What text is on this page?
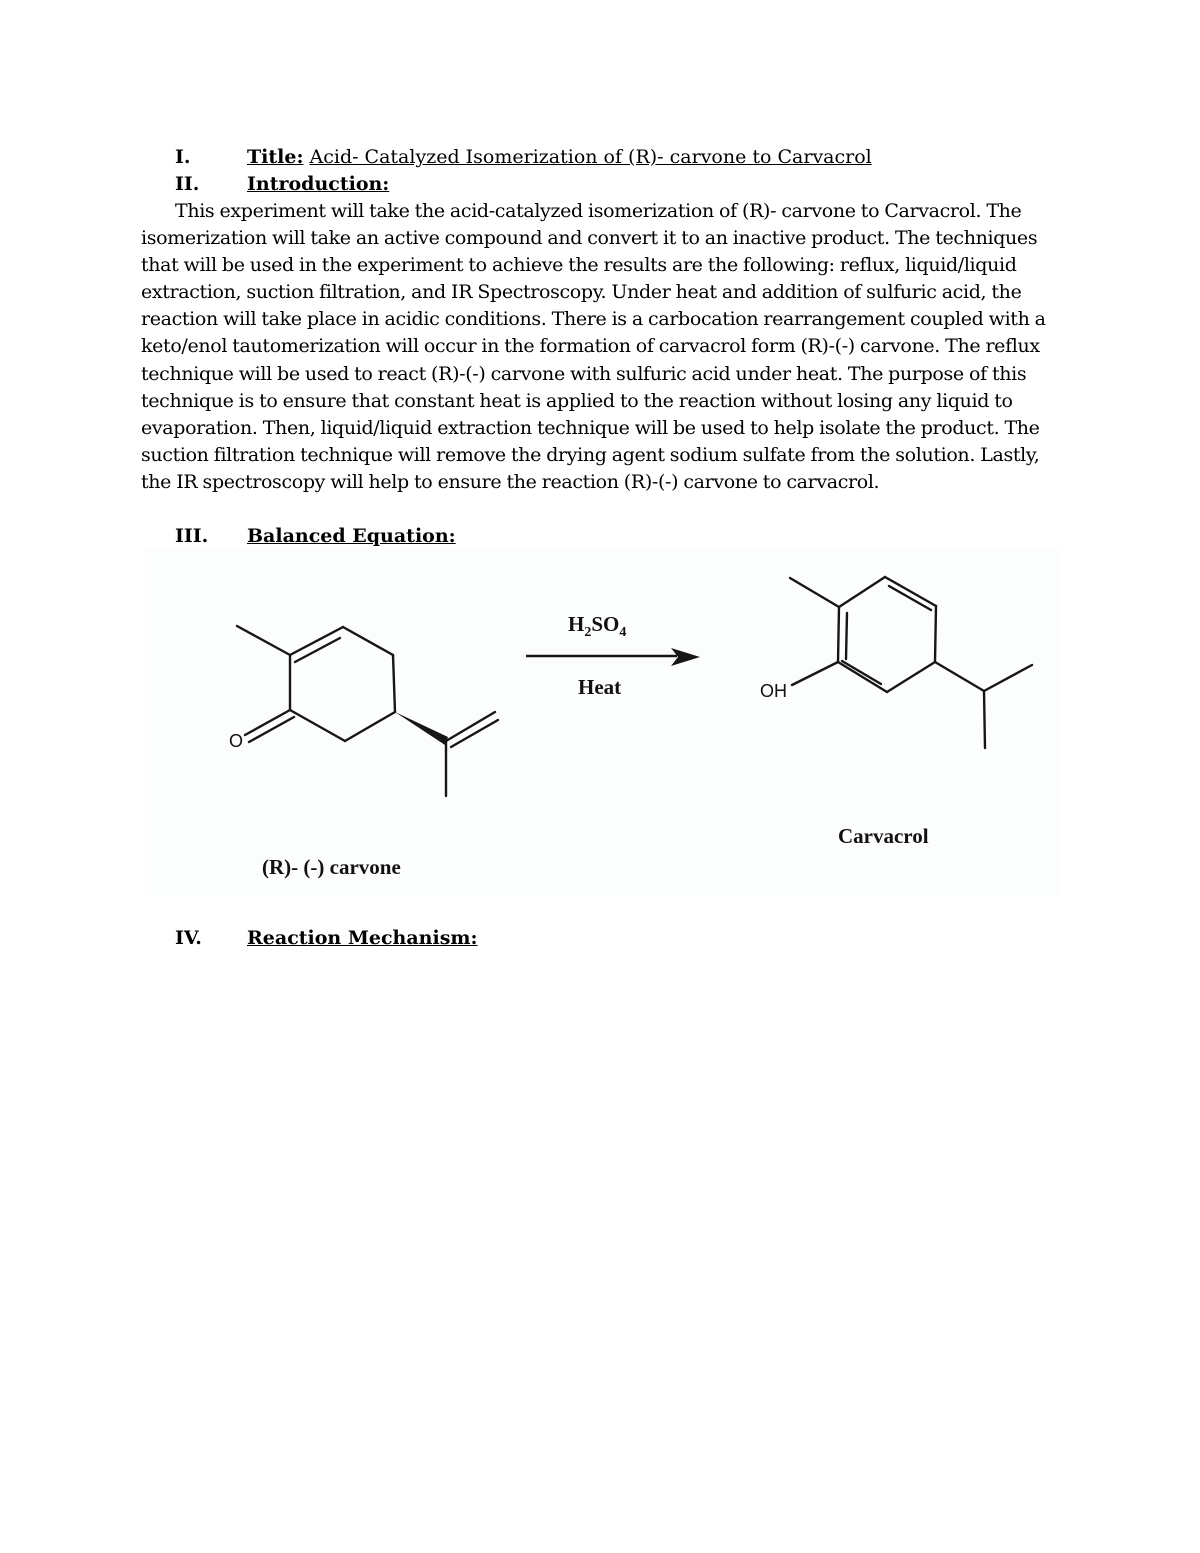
I.	Title: Acid- Catalyzed Isomerization of (R)- carvone to Carvacrol
II.	Introduction:

This experiment will take the acid-catalyzed isomerization of (R)- carvone to Carvacrol. The isomerization will take an active compound and convert it to an inactive product. The techniques that will be used in the experiment to achieve the results are the following: reflux, liquid/liquid extraction, suction filtration, and IR Spectroscopy. Under heat and addition of sulfuric acid, the reaction will take place in acidic conditions. There is a carbocation rearrangement coupled with a keto/enol tautomerization will occur in the formation of carvacrol form (R)-(-) carvone. The reflux technique will be used to react (R)-(-) carvone with sulfuric acid under heat. The purpose of this technique is to ensure that constant heat is applied to the reaction without losing any liquid to evaporation. Then, liquid/liquid extraction technique will be used to help isolate the product. The suction filtration technique will remove the drying agent sodium sulfate from the solution. Lastly, the IR spectroscopy will help to ensure the reaction (R)-(-) carvone to carvacrol.

III. Balanced Equation:
O
$H_2SO_4$
Heat	OH
Carvacrol
(R)- (-) carvone
IV. Reaction Mechanism:
